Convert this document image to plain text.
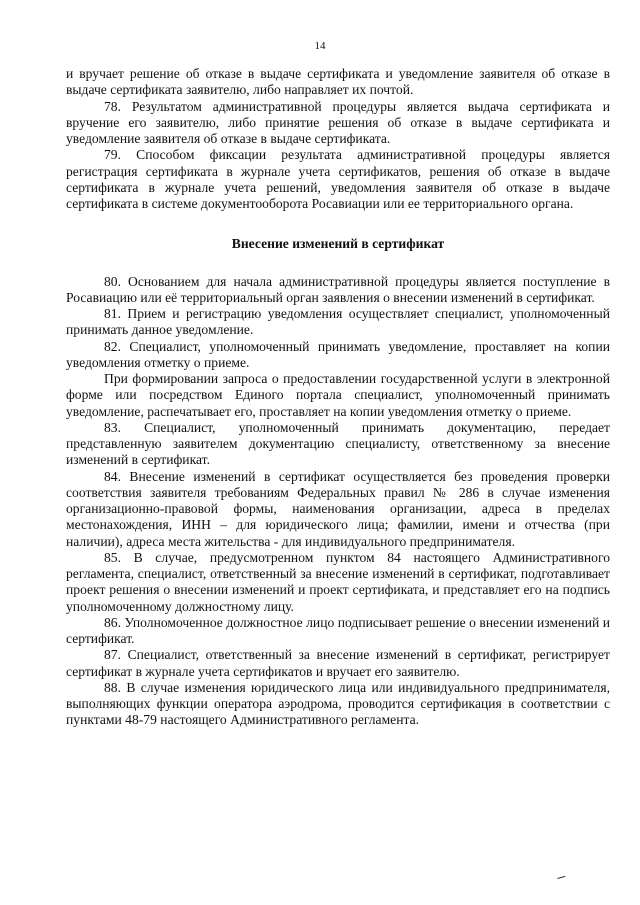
14

и вручает решение об отказе в выдаче сертификата и уведомление заявителя об отказе в выдаче сертификата заявителю, либо направляет их почтой.

78. Результатом административной процедуры является выдача сертификата и вручение его заявителю, либо принятие решения об отказе в выдаче сертификата и уведомление заявителя об отказе в выдаче сертификата.

79. Способом фиксации результата административной процедуры является регистрация сертификата в журнале учета сертификатов, решения об отказе в выдаче сертификата в журнале учета решений, уведомления заявителя об отказе в выдаче сертификата в системе документооборота Росавиации или ее территориального органа.

Внесение изменений в сертификат

80. Основанием для начала административной процедуры является поступление в Росавиацию или её территориальный орган заявления о внесении изменений в сертификат.

81. Прием и регистрацию уведомления осуществляет специалист, уполномоченный принимать данное уведомление.

82. Специалист, уполномоченный принимать уведомление, проставляет на копии уведомления отметку о приеме.

При формировании запроса о предоставлении государственной услуги в электронной форме или посредством Единого портала специалист, уполномоченный принимать уведомление, распечатывает его, проставляет на копии уведомления отметку о приеме.

83. Специалист, уполномоченный принимать документацию, передает представленную заявителем документацию специалисту, ответственному за внесение изменений в сертификат.

84. Внесение изменений в сертификат осуществляется без проведения проверки соответствия заявителя требованиям Федеральных правил № 286 в случае изменения организационно-правовой формы, наименования организации, адреса в пределах местонахождения, ИНН – для юридического лица; фамилии, имени и отчества (при наличии), адреса места жительства - для индивидуального предпринимателя.

85. В случае, предусмотренном пунктом 84 настоящего Административного регламента, специалист, ответственный за внесение изменений в сертификат, подготавливает проект решения о внесении изменений и проект сертификата, и представляет его на подпись уполномоченному должностному лицу.

86. Уполномоченное должностное лицо подписывает решение о внесении изменений и сертификат.

87. Специалист, ответственный за внесение изменений в сертификат, регистрирует сертификат в журнале учета сертификатов и вручает его заявителю.

88. В случае изменения юридического лица или индивидуального предпринимателя, выполняющих функции оператора аэродрома, проводится сертификация в соответствии с пунктами 48-79 настоящего Административного регламента.
